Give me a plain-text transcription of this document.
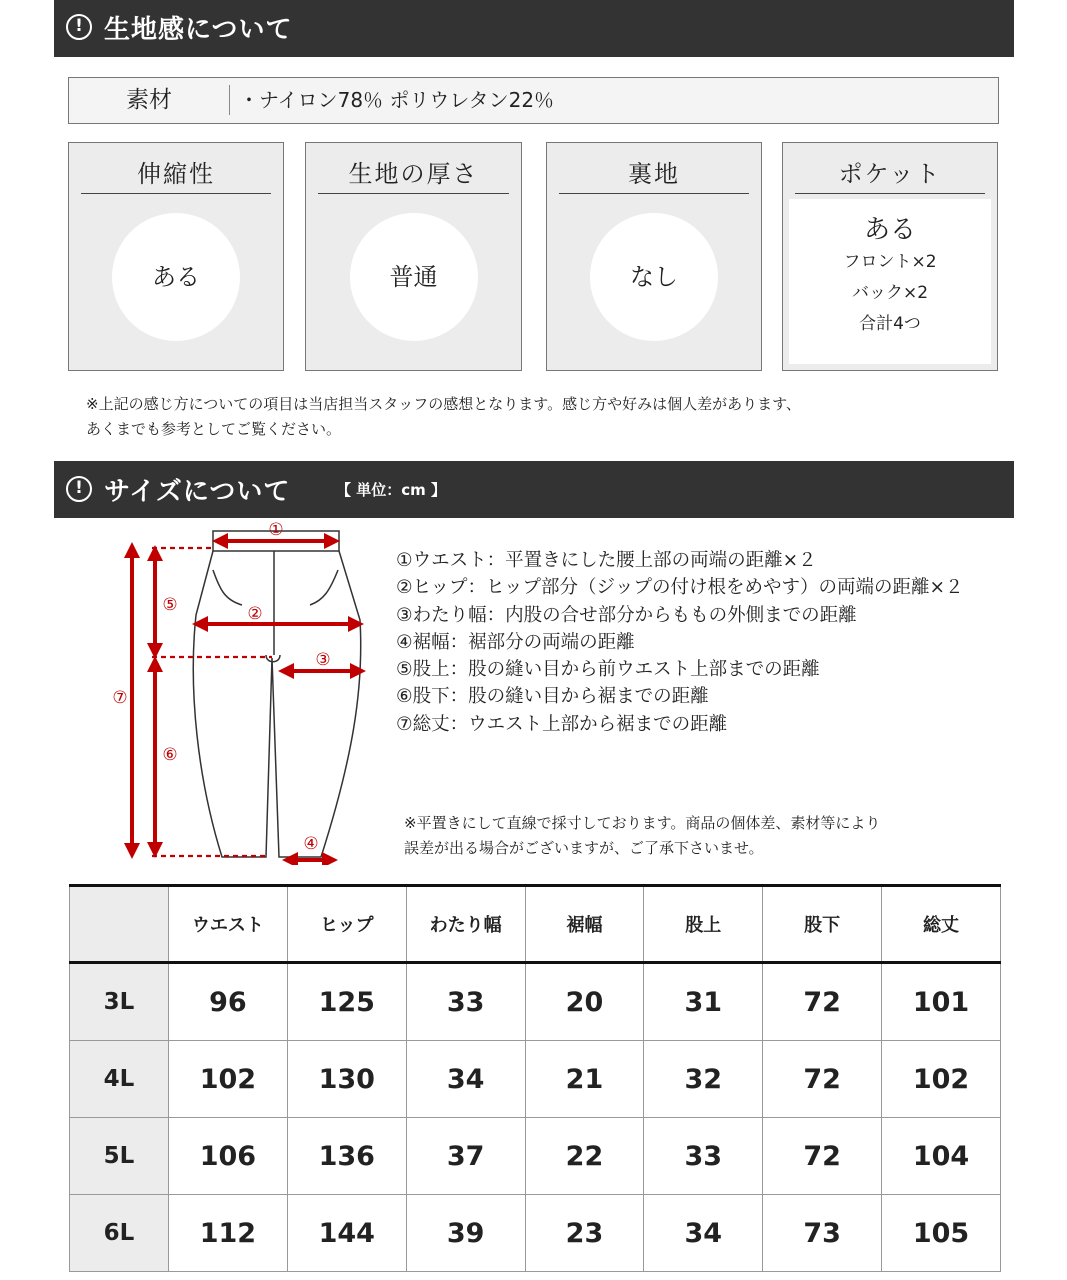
! 生地感について
素材	・ナイロン78％ ポリウレタン22％
伸縮性
ある
生地の厚さ
普通
裏地
なし
ポケット
ある
フロント×2
バック×2
合計4つ
※上記の感じ方についての項目は当店担当スタッフの感想となります。感じ方や好みは個人差があります、
あくまでも参考としてご覧ください。
! サイズについて	【 単位：cm 】
①
②
③
④
⑤
⑥
⑦
①ウエスト：平置きにした腰上部の両端の距離×２
②ヒップ：ヒップ部分（ジップの付け根をめやす）の両端の距離×２
③わたり幅：内股の合せ部分からももの外側までの距離
④裾幅：裾部分の両端の距離
⑤股上：股の縫い目から前ウエスト上部までの距離
⑥股下：股の縫い目から裾までの距離
⑦総丈：ウエスト上部から裾までの距離
※平置きにして直線で採寸しております。商品の個体差、素材等により
誤差が出る場合がございますが、ご了承下さいませ。
	ウエスト	ヒップ	わたり幅	裾幅	股上	股下	総丈
3L	96	125	33	20	31	72	101
4L	102	130	34	21	32	72	102
5L	106	136	37	22	33	72	104
6L	112	144	39	23	34	73	105
